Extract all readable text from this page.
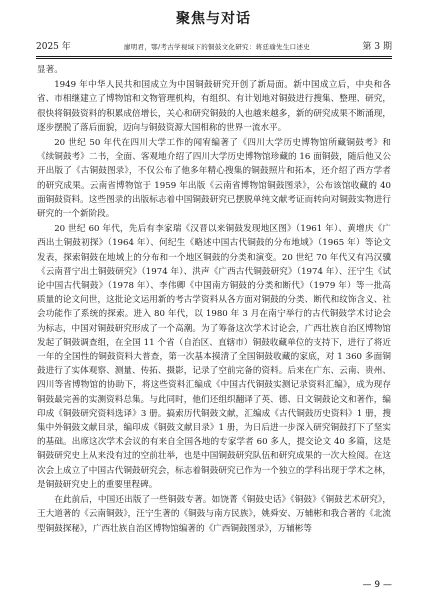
聚焦与对话
2025 年	廖明君，鄂/考古学视域下的铜鼓文化研究：蒋廷瑜先生口述史	第 3 期

显著。

1949 年中华人民共和国成立为中国铜鼓研究开创了新局面。新中国成立后，中央和各省、市相继建立了博物馆和文物管理机构，有组织、有计划地对铜鼓进行搜集、整理、研究，很快将铜鼓资料的积累成倍增长，关心和研究铜鼓的人也越来越多，新的研究成果不断涌现，逐步摆脱了落后面貌，迈向与铜鼓资源大国相称的世界一流水平。

20 世纪 50 年代在四川大学工作的闻宥编著了《四川大学历史博物馆所藏铜鼓考》和《续铜鼓考》二书，全面、客观地介绍了四川大学历史博物馆珍藏的 16 面铜鼓，随后他又公开出版了《古铜鼓图录》，不仅公布了他多年精心搜集的铜鼓照片和拓本，还介绍了西方学者的研究成果。云南省博物馆于 1959 年出版《云南省博物馆铜鼓图录》，公布该馆收藏的 40 面铜鼓资料。这些图录的出版标志着中国铜鼓研究已摆脱单纯文献考证而转向对铜鼓实物进行研究的一个新阶段。

20 世纪 60 年代，先后有李家瑞《汉晋以来铜鼓发现地区图》（1961 年）、黄增庆《广西出土铜鼓初探》（1964 年）、何纪生《略述中国古代铜鼓的分布地域》（1965 年）等论文发表，探索铜鼓在地域上的分布和一个地区铜鼓的分类和演变。20 世纪 70 年代又有冯汉骥《云南晋宁出土铜鼓研究》（1974 年）、洪声《广西古代铜鼓研究》（1974 年）、汪宁生《试论中国古代铜鼓》（1978 年）、李伟卿《中国南方铜鼓的分类和断代》（1979 年）等一批高质量的论文问世，这批论文运用新的考古学资料从各方面对铜鼓的分类、断代和纹饰含义、社会功能作了系统的探索。进入 80 年代，以 1980 年 3 月在南宁举行的古代铜鼓学术讨论会为标志，中国对铜鼓研究形成了一个高潮。为了筹备这次学术讨论会，广西壮族自治区博物馆发起了铜鼓调查组，在全国 11 个省（自治区、直辖市）铜鼓收藏单位的支持下，进行了将近一年的全国性的铜鼓资料大普查，第一次基本摸清了全国铜鼓收藏的家底，对 1 360 多面铜鼓进行了实体观察、测量、传拓、摄影，记录了空前完备的资料。后来在广东、云南、贵州、四川等省博物馆的协助下，将这些资料汇编成《中国古代铜鼓实测记录资料汇编》，成为现存铜鼓最完善的实测资料总集。与此同时，他们还组织翻译了英、德、日文铜鼓论文和著作，编印成《铜鼓研究资料选译》3 册。搞索历代铜鼓文献，汇编成《古代铜鼓历史资料》1 册，搜集中外铜鼓文献目录，编印成《铜鼓文献目录》1 册，为日后进一步深入研究铜鼓打下了坚实的基础。出席这次学术会议的有来自全国各地的专家学者 60 多人，提交论文 40 多篇，这是铜鼓研究史上从来没有过的空前壮举，也是中国铜鼓研究队伍和研究成果的一次大检阅。在这次会上成立了中国古代铜鼓研究会，标志着铜鼓研究已作为一个独立的学科出现于学术之林，是铜鼓研究史上的重要里程碑。

在此前后，中国还出版了一些铜鼓专著。如饶菁《铜鼓史话》《铜鼓》《铜鼓艺术研究》，王大道著的《云南铜鼓》，汪宁生著的《铜鼓与南方民族》，姚舜安、万辅彬和我合著的《北流型铜鼓探秘》，广西壮族自治区博物馆编著的《广西铜鼓图录》，万辅彬等

— 9 —
